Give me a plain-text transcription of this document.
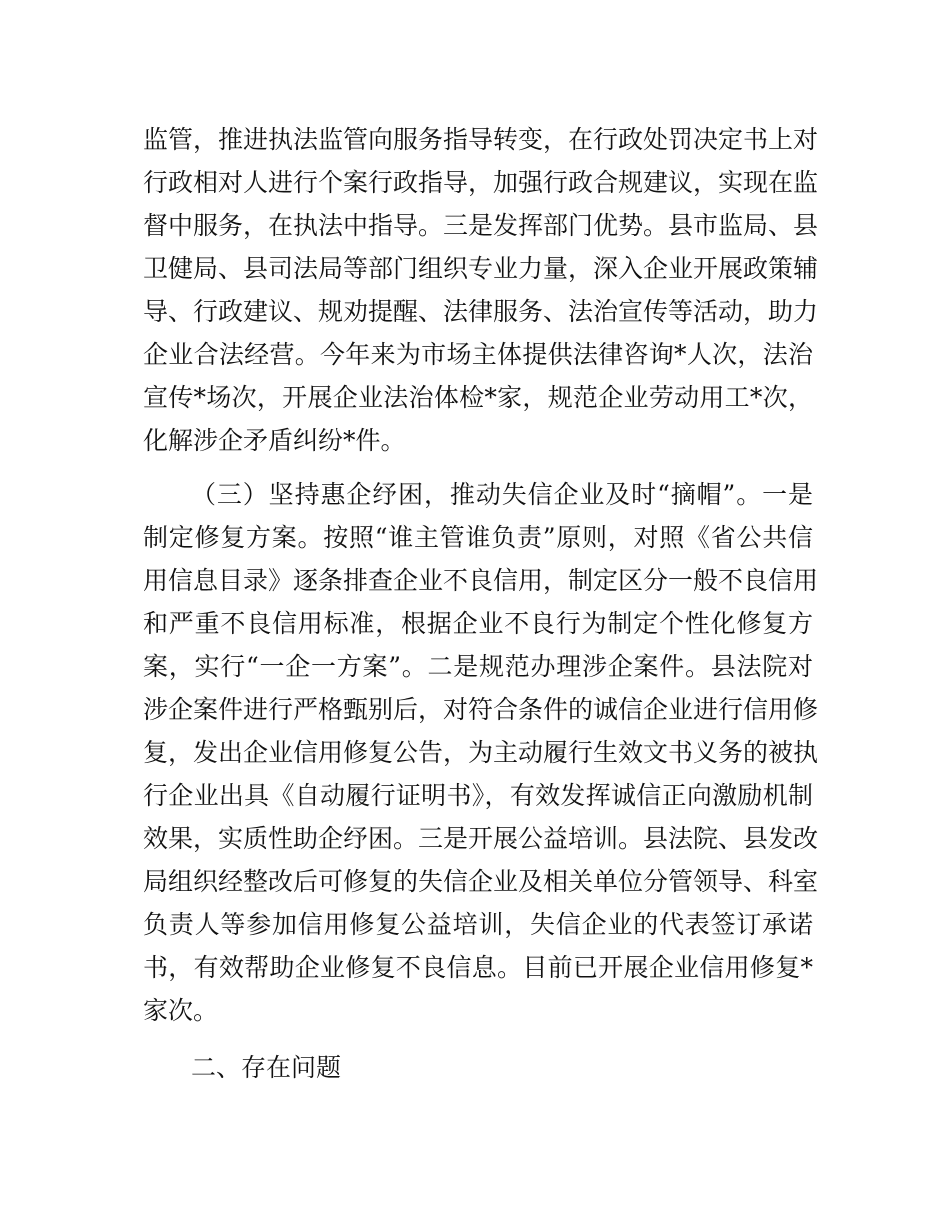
监管，推进执法监管向服务指导转变，在行政处罚决定书上对
行政相对人进行个案行政指导，加强行政合规建议，实现在监
督中服务，在执法中指导。三是发挥部门优势。县市监局、县
卫健局、县司法局等部门组织专业力量，深入企业开展政策辅
导、行政建议、规劝提醒、法律服务、法治宣传等活动，助力
企业合法经营。今年来为市场主体提供法律咨询*人次，法治
宣传*场次，开展企业法治体检*家，规范企业劳动用工*次，
化解涉企矛盾纠纷*件。
（三）坚持惠企纾困，推动失信企业及时“摘帽”。一是
制定修复方案。按照“谁主管谁负责”原则，对照《省公共信
用信息目录》逐条排查企业不良信用，制定区分一般不良信用
和严重不良信用标准，根据企业不良行为制定个性化修复方
案，实行“一企一方案”。二是规范办理涉企案件。县法院对
涉企案件进行严格甄别后，对符合条件的诚信企业进行信用修
复，发出企业信用修复公告，为主动履行生效文书义务的被执
行企业出具《自动履行证明书》，有效发挥诚信正向激励机制
效果，实质性助企纾困。三是开展公益培训。县法院、县发改
局组织经整改后可修复的失信企业及相关单位分管领导、科室
负责人等参加信用修复公益培训，失信企业的代表签订承诺
书，有效帮助企业修复不良信息。目前已开展企业信用修复*
家次。
二、存在问题
